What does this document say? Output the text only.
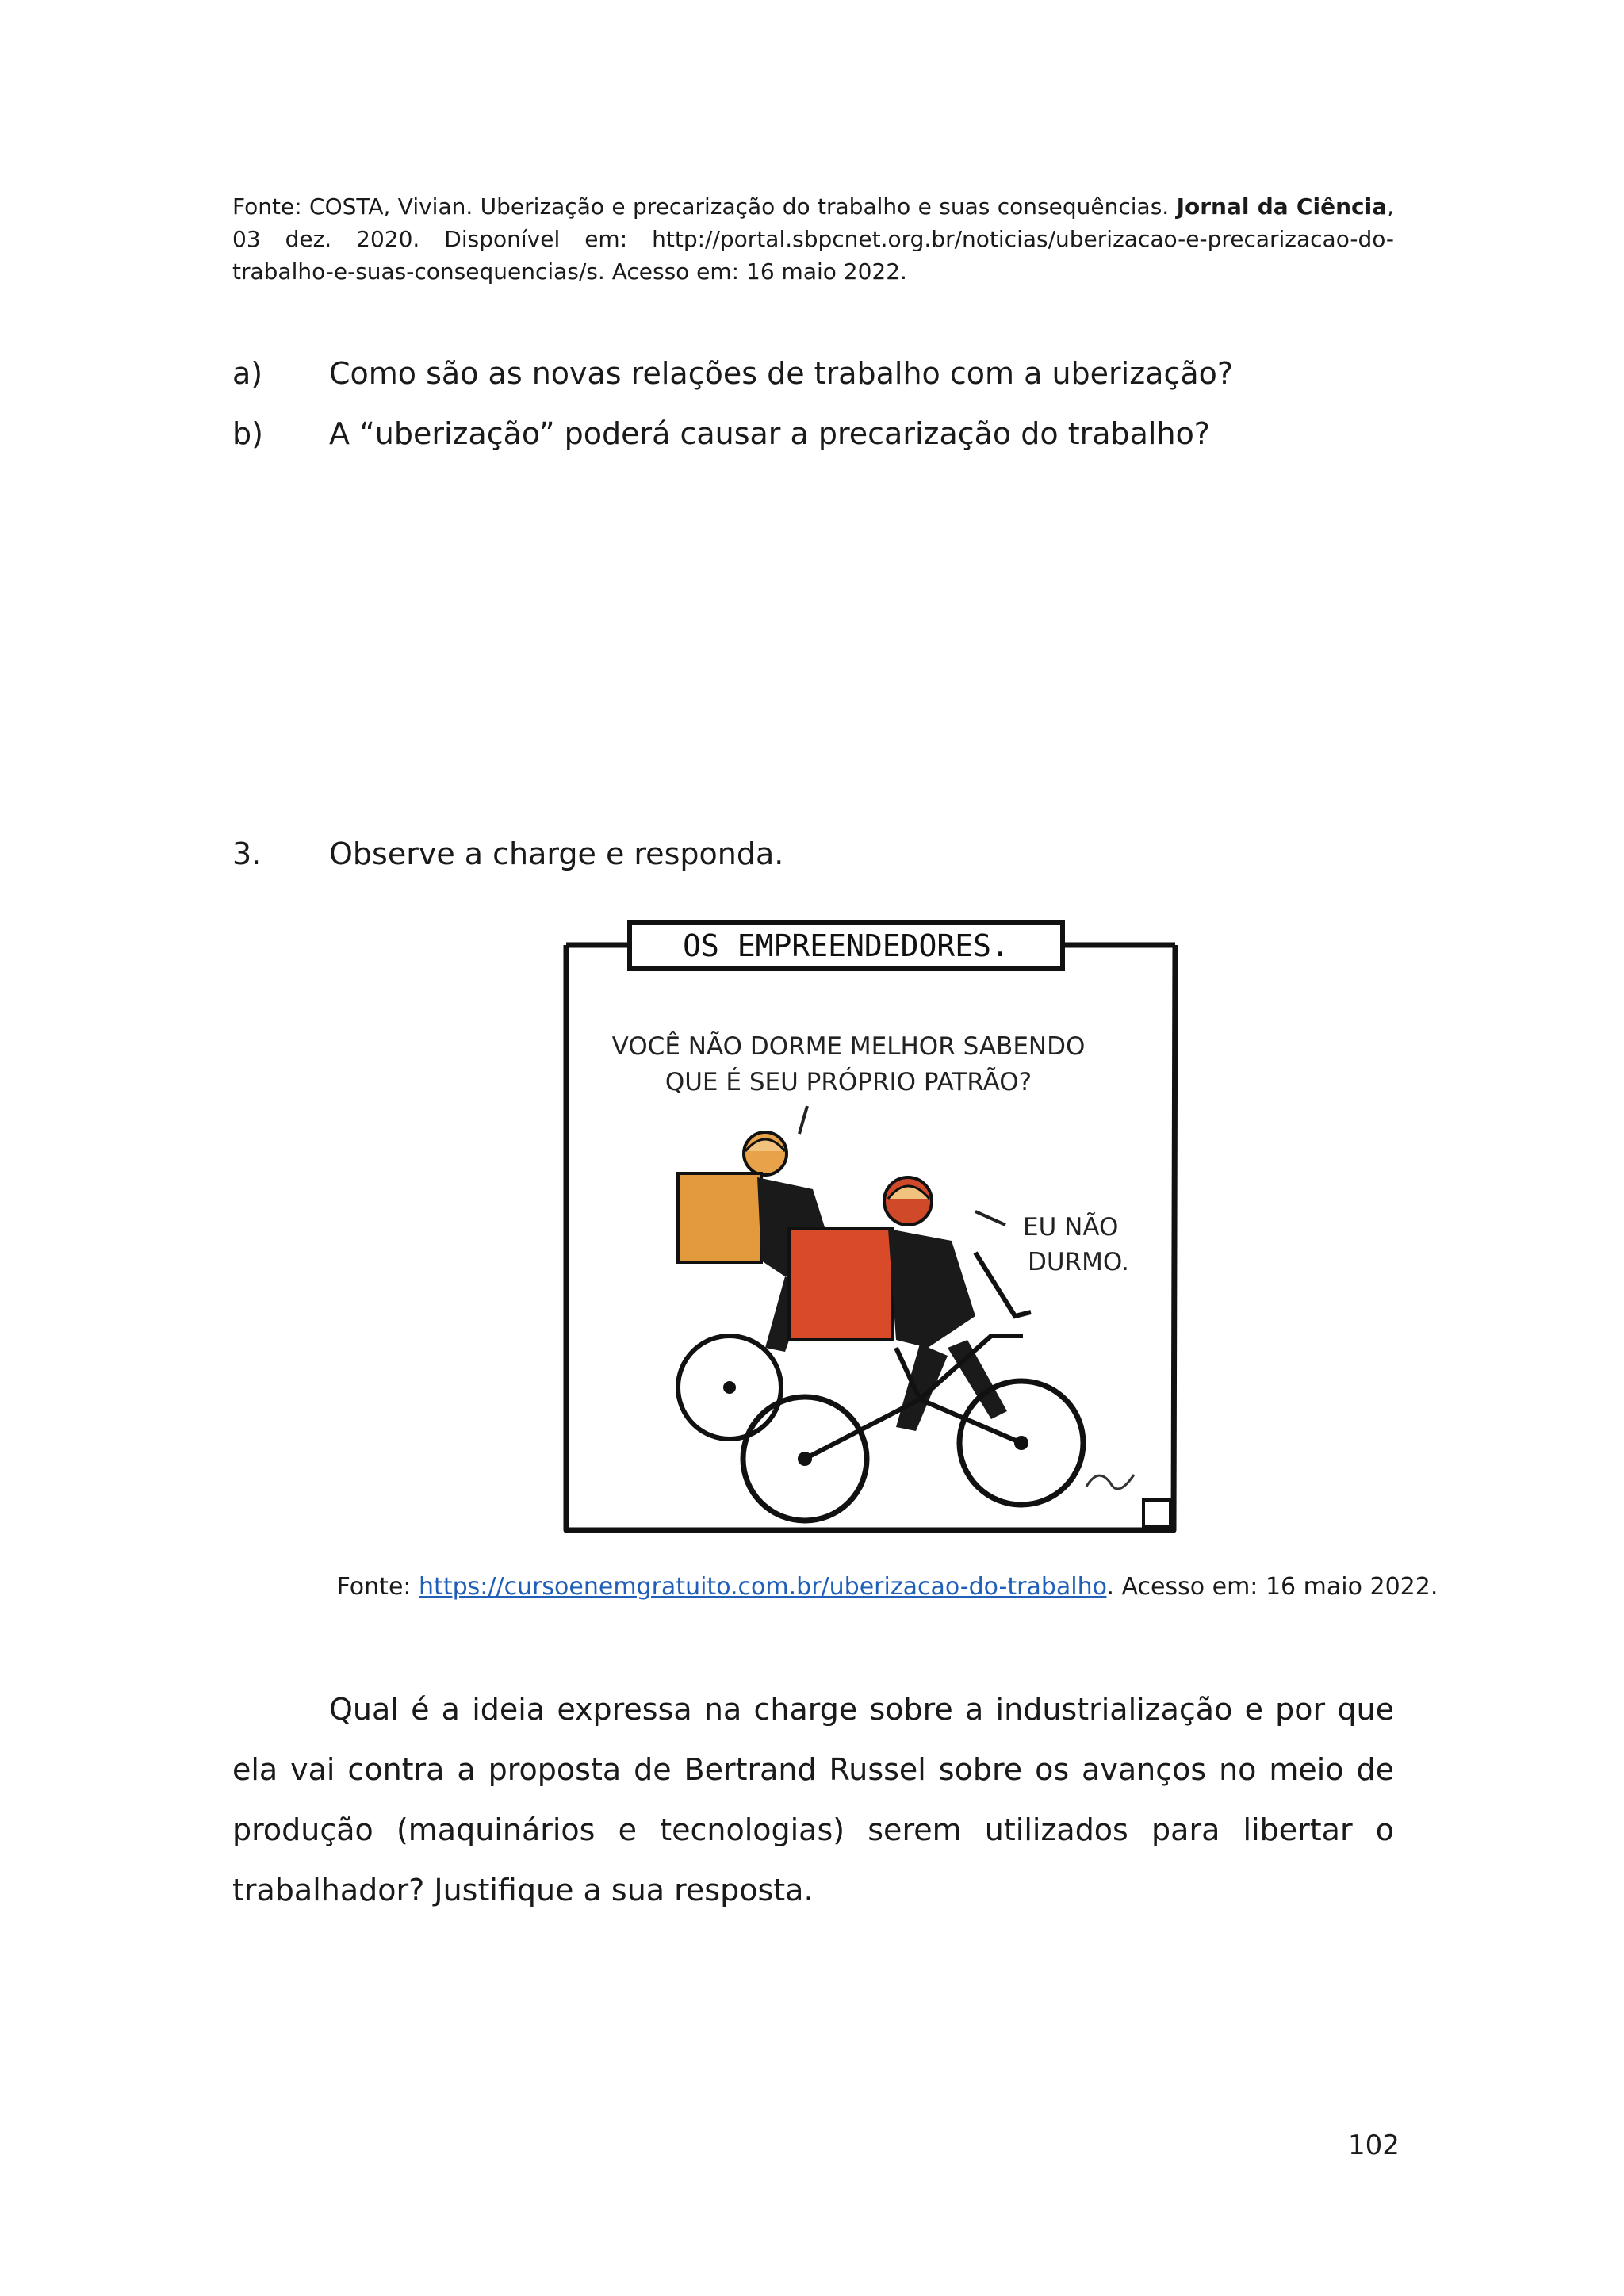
Fonte: COSTA, Vivian. Uberização e precarização do trabalho e suas consequências. Jornal da Ciência, 03 dez. 2020. Disponível em: http://portal.sbpcnet.org.br/noticias/uberizacao-e-precarizacao-do-trabalho-e-suas-consequencias/s. Acesso em: 16 maio 2022.
a) Como são as novas relações de trabalho com a uberização?
b) A “uberização” poderá causar a precarização do trabalho?
3. Observe a charge e responda.
OS EMPREENDEDORES.
VOCÊ NÃO DORME MELHOR SABENDO
QUE É SEU PRÓPRIO PATRÃO?
EU NÃO
DURMO.
Fonte: https://cursoenemgratuito.com.br/uberizacao-do-trabalho. Acesso em: 16 maio 2022.
Qual é a ideia expressa na charge sobre a industrialização e por que ela vai contra a proposta de Bertrand Russel sobre os avanços no meio de produção (maquinários e tecnologias) serem utilizados para libertar o trabalhador? Justifique a sua resposta.
102
